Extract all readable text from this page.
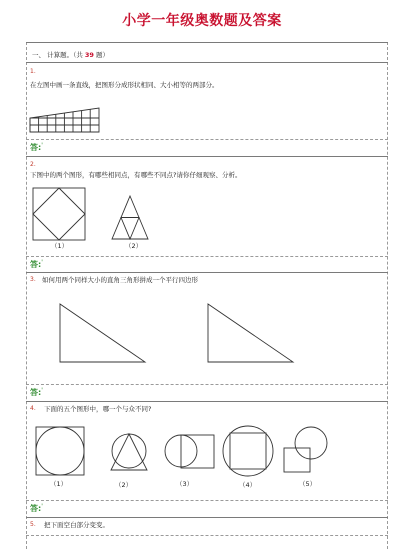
小学一年级奥数题及答案
一、 计算题。（共 39 题）
1.
在左图中画一条直线，把图形分成形状相同、大小相等的两部分。
答:'
2.
下图中的两个图形，有哪些相同点，有哪些不同点?请你仔细观察、分析。
（1）	（2）
答:'
3. 如何用两个同样大小的直角三角形拼成一个平行四边形
答:'
4. 下面的五个图形中，哪一个与众不同?
（1）	（2）	（3）	（4）	（5）
答:'
5. 把下面空白部分变变。
